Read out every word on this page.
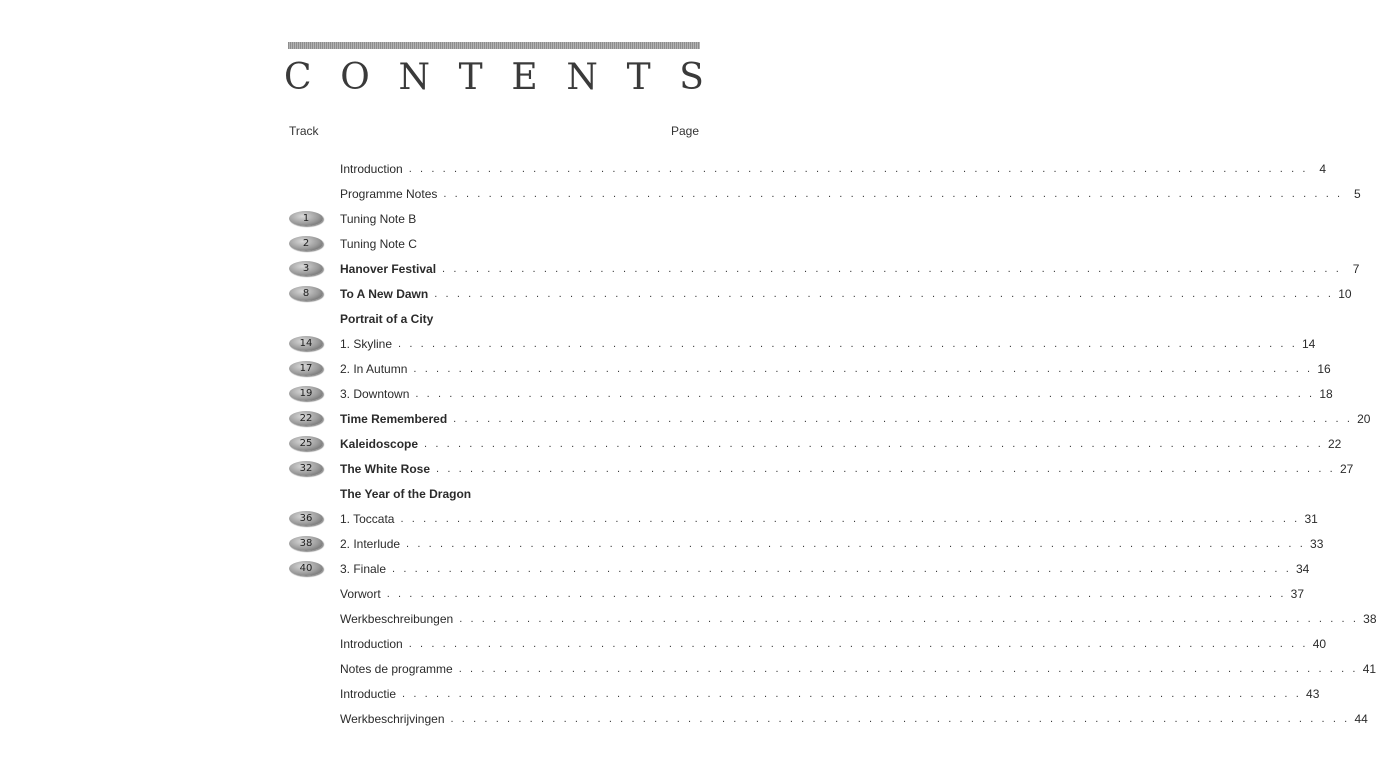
C O N T E N T S
Track	Page
Introduction . . . . . . . . . . . . . . . . . . . . . . . . . . . . . . . . . . . . . . . . . . . . . . . . . . . . . . . . . . . . . . . . . . . . . . . . . . . . . . . . 4
Programme Notes . . . . . . . . . . . . . . . . . . . . . . . . . . . . . . . . . . . . . . . . . . . . . . . . . . . . . . . . . . . . . . . . . . . . . . . . . . . . . . . . 5
1	Tuning Note B
2	Tuning Note C
3	Hanover Festival . . . . . . . . . . . . . . . . . . . . . . . . . . . . . . . . . . . . . . . . . . . . . . . . . . . . . . . . . . . . . . . . . . . . . . . . . . . . . . . . 7
8	To A New Dawn . . . . . . . . . . . . . . . . . . . . . . . . . . . . . . . . . . . . . . . . . . . . . . . . . . . . . . . . . . . . . . . . . . . . . . . . . . . . . . . . 10
Portrait of a City
14	1. Skyline . . . . . . . . . . . . . . . . . . . . . . . . . . . . . . . . . . . . . . . . . . . . . . . . . . . . . . . . . . . . . . . . . . . . . . . . . . . . . . . . 14
17	2. In Autumn . . . . . . . . . . . . . . . . . . . . . . . . . . . . . . . . . . . . . . . . . . . . . . . . . . . . . . . . . . . . . . . . . . . . . . . . . . . . . . . . 16
19	3. Downtown . . . . . . . . . . . . . . . . . . . . . . . . . . . . . . . . . . . . . . . . . . . . . . . . . . . . . . . . . . . . . . . . . . . . . . . . . . . . . . . . 18
22	Time Remembered . . . . . . . . . . . . . . . . . . . . . . . . . . . . . . . . . . . . . . . . . . . . . . . . . . . . . . . . . . . . . . . . . . . . . . . . . . . . . . . . 20
25	Kaleidoscope . . . . . . . . . . . . . . . . . . . . . . . . . . . . . . . . . . . . . . . . . . . . . . . . . . . . . . . . . . . . . . . . . . . . . . . . . . . . . . . . 22
32	The White Rose . . . . . . . . . . . . . . . . . . . . . . . . . . . . . . . . . . . . . . . . . . . . . . . . . . . . . . . . . . . . . . . . . . . . . . . . . . . . . . . . 27
The Year of the Dragon
36	1. Toccata . . . . . . . . . . . . . . . . . . . . . . . . . . . . . . . . . . . . . . . . . . . . . . . . . . . . . . . . . . . . . . . . . . . . . . . . . . . . . . . . 31
38	2. Interlude . . . . . . . . . . . . . . . . . . . . . . . . . . . . . . . . . . . . . . . . . . . . . . . . . . . . . . . . . . . . . . . . . . . . . . . . . . . . . . . . 33
40	3. Finale . . . . . . . . . . . . . . . . . . . . . . . . . . . . . . . . . . . . . . . . . . . . . . . . . . . . . . . . . . . . . . . . . . . . . . . . . . . . . . . . 34
Vorwort . . . . . . . . . . . . . . . . . . . . . . . . . . . . . . . . . . . . . . . . . . . . . . . . . . . . . . . . . . . . . . . . . . . . . . . . . . . . . . . . 37
Werkbeschreibungen . . . . . . . . . . . . . . . . . . . . . . . . . . . . . . . . . . . . . . . . . . . . . . . . . . . . . . . . . . . . . . . . . . . . . . . . . . . . . . . . 38
Introduction . . . . . . . . . . . . . . . . . . . . . . . . . . . . . . . . . . . . . . . . . . . . . . . . . . . . . . . . . . . . . . . . . . . . . . . . . . . . . . . . 40
Notes de programme . . . . . . . . . . . . . . . . . . . . . . . . . . . . . . . . . . . . . . . . . . . . . . . . . . . . . . . . . . . . . . . . . . . . . . . . . . . . . . . . 41
Introductie . . . . . . . . . . . . . . . . . . . . . . . . . . . . . . . . . . . . . . . . . . . . . . . . . . . . . . . . . . . . . . . . . . . . . . . . . . . . . . . . 43
Werkbeschrijvingen . . . . . . . . . . . . . . . . . . . . . . . . . . . . . . . . . . . . . . . . . . . . . . . . . . . . . . . . . . . . . . . . . . . . . . . . . . . . . . . . 44
